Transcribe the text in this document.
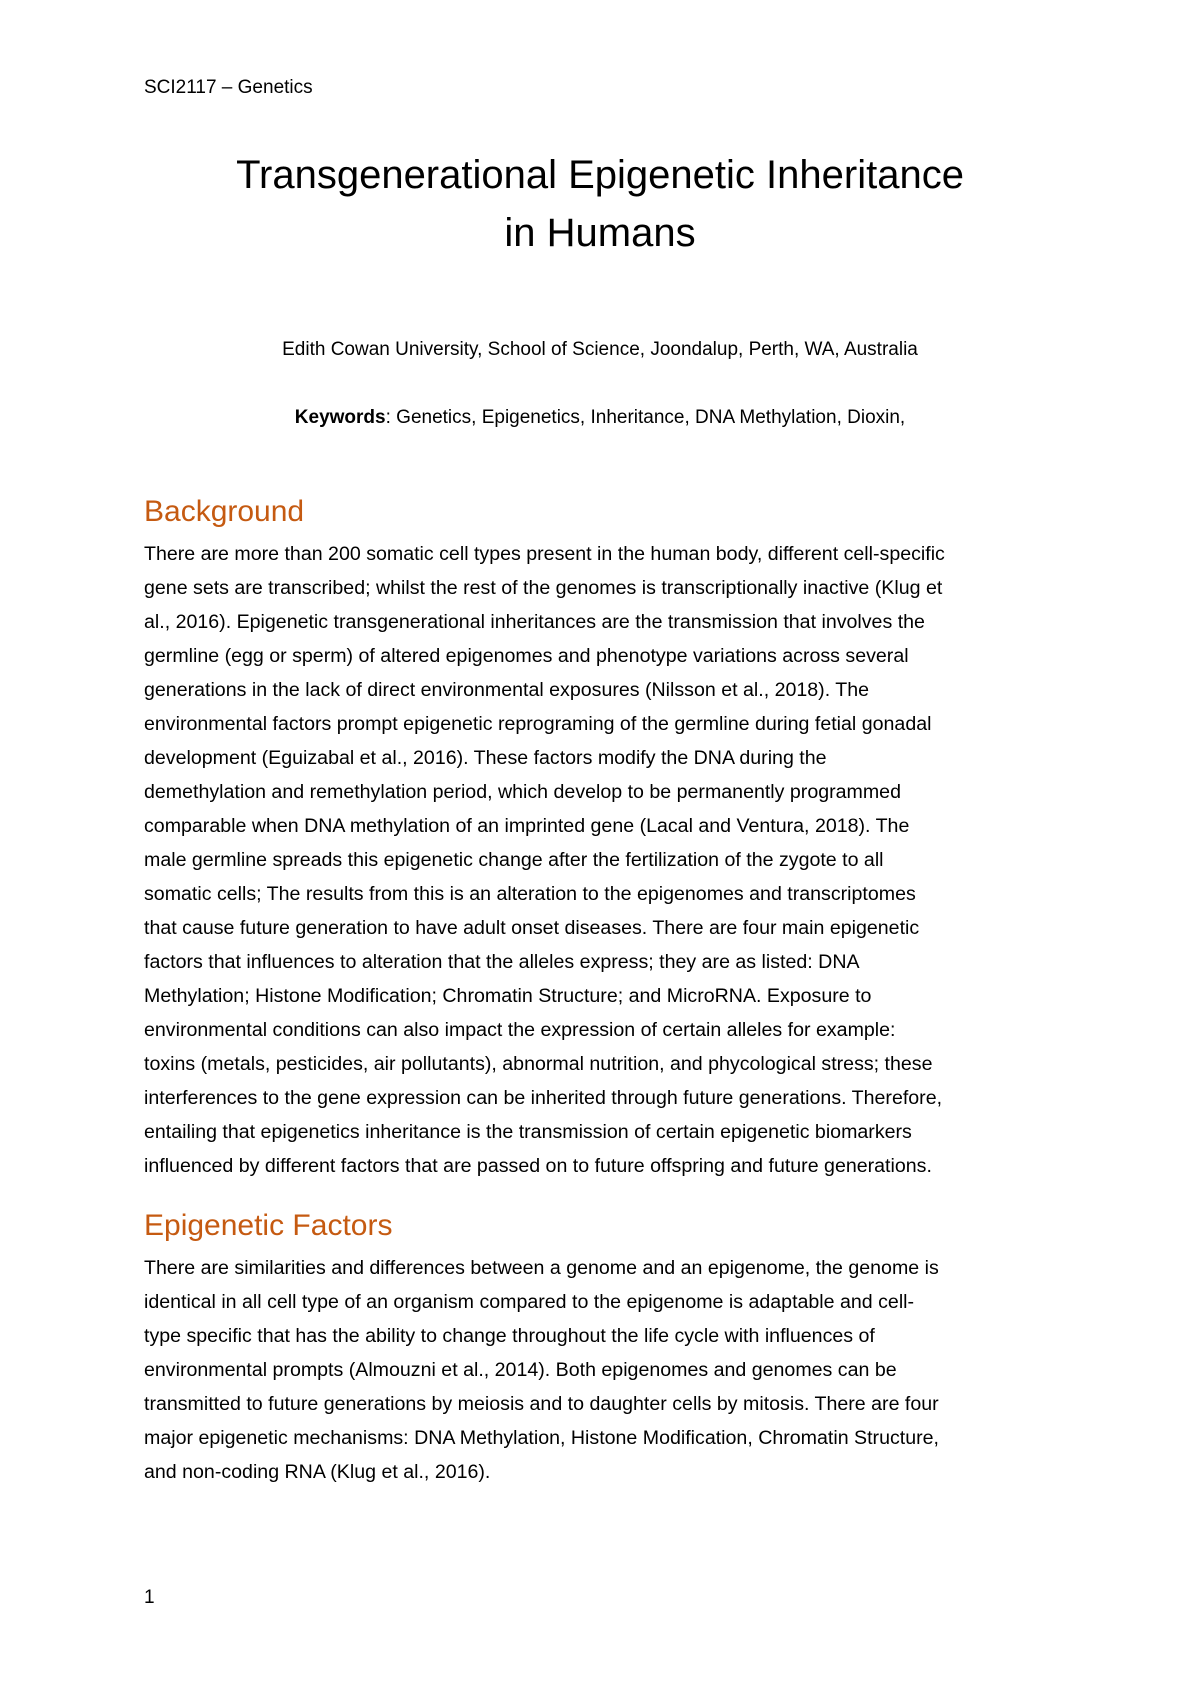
SCI2117 – Genetics
Transgenerational Epigenetic Inheritance
in Humans
Edith Cowan University, School of Science, Joondalup, Perth, WA, Australia
Keywords: Genetics, Epigenetics, Inheritance, DNA Methylation, Dioxin,
Background
There are more than 200 somatic cell types present in the human body, different cell-specific
gene sets are transcribed; whilst the rest of the genomes is transcriptionally inactive (Klug et
al., 2016). Epigenetic transgenerational inheritances are the transmission that involves the
germline (egg or sperm) of altered epigenomes and phenotype variations across several
generations in the lack of direct environmental exposures (Nilsson et al., 2018). The
environmental factors prompt epigenetic reprograming of the germline during fetial gonadal
development (Eguizabal et al., 2016). These factors modify the DNA during the
demethylation and remethylation period, which develop to be permanently programmed
comparable when DNA methylation of an imprinted gene (Lacal and Ventura, 2018). The
male germline spreads this epigenetic change after the fertilization of the zygote to all
somatic cells; The results from this is an alteration to the epigenomes and transcriptomes
that cause future generation to have adult onset diseases. There are four main epigenetic
factors that influences to alteration that the alleles express; they are as listed: DNA
Methylation; Histone Modification; Chromatin Structure; and MicroRNA. Exposure to
environmental conditions can also impact the expression of certain alleles for example:
toxins (metals, pesticides, air pollutants), abnormal nutrition, and phycological stress; these
interferences to the gene expression can be inherited through future generations. Therefore,
entailing that epigenetics inheritance is the transmission of certain epigenetic biomarkers
influenced by different factors that are passed on to future offspring and future generations.
Epigenetic Factors
There are similarities and differences between a genome and an epigenome, the genome is
identical in all cell type of an organism compared to the epigenome is adaptable and cell-
type specific that has the ability to change throughout the life cycle with influences of
environmental prompts (Almouzni et al., 2014). Both epigenomes and genomes can be
transmitted to future generations by meiosis and to daughter cells by mitosis. There are four
major epigenetic mechanisms: DNA Methylation, Histone Modification, Chromatin Structure,
and non-coding RNA (Klug et al., 2016).
1
